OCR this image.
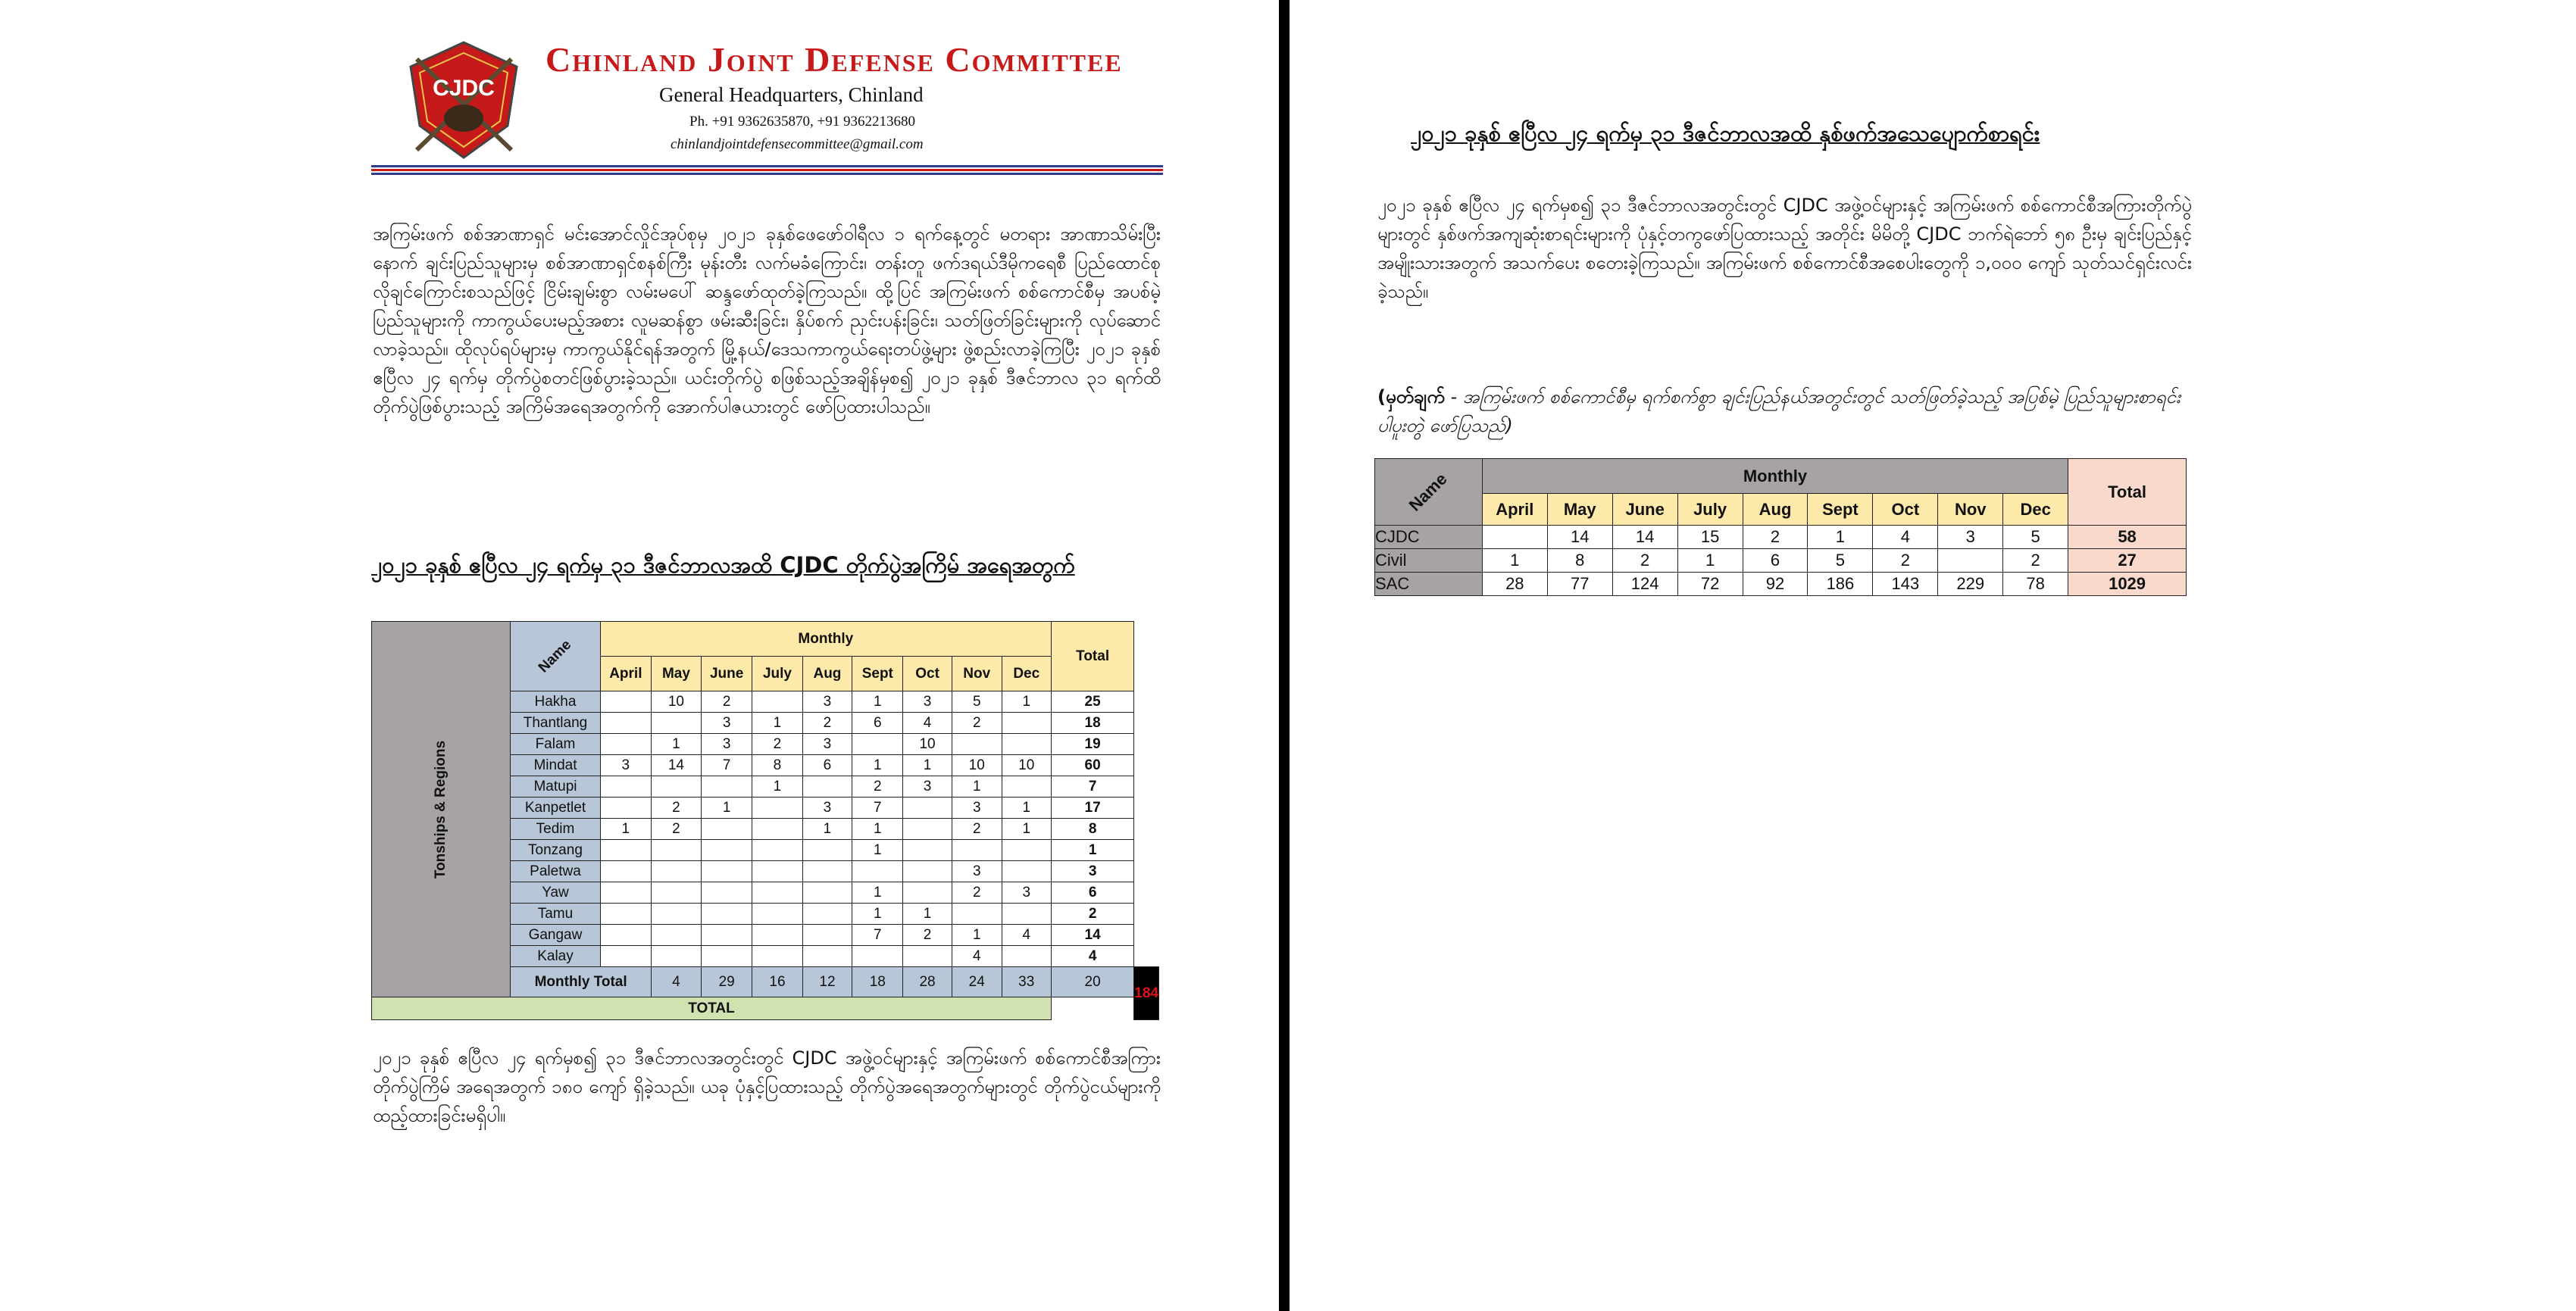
CJDC
Chinland Joint Defense Committee
General Headquarters, Chinland
Ph. +91 9362635870, +91 9362213680
chinlandjointdefensecommittee@gmail.com
အကြမ်းဖက် စစ်အာဏာရှင် မင်းအောင်လှိုင်အုပ်စုမှ ၂၀၂၁ ခုနှစ်ဖေဖော်ဝါရီလ ၁ ရက်နေ့တွင် မတရား အာဏာသိမ်းပြီးနောက် ချင်းပြည်သူများမှ စစ်အာဏာရှင်စနစ်ကြီး မုန်းတီး လက်မခံကြောင်း၊ တန်းတူ ဖက်ဒရယ်ဒီမိုကရေစီ ပြည်ထောင်စုလိုချင်ကြောင်းစသည်ဖြင့် ငြိမ်းချမ်းစွာ လမ်းမပေါ် ဆန္ဒဖော်ထုတ်ခဲ့ကြသည်။ ထို့ပြင် အကြမ်းဖက် စစ်ကောင်စီမှ အပစ်မဲ့ ပြည်သူများကို ကာကွယ်ပေးမည့်အစား လူမဆန်စွာ ဖမ်းဆီးခြင်း၊ နှိပ်စက် ညှင်းပန်းခြင်း၊ သတ်ဖြတ်ခြင်းများကို လုပ်ဆောင်လာခဲ့သည်။ ထိုလုပ်ရပ်များမှ ကာကွယ်နိုင်ရန်အတွက် မြို့နယ်/ဒေသကာကွယ်ရေးတပ်ဖွဲ့များ ဖွဲ့စည်းလာခဲ့ကြပြီး ၂၀၂၁ ခုနှစ် ဧပြီလ ၂၄ ရက်မှ တိုက်ပွဲစတင်ဖြစ်ပွားခဲ့သည်။ ယင်းတိုက်ပွဲ စဖြစ်သည့်အချိန်မှစ၍ ၂၀၂၁ ခုနှစ် ဒီဇင်ဘာလ ၃၁ ရက်ထိ တိုက်ပွဲဖြစ်ပွားသည့် အကြိမ်အရေအတွက်ကို အောက်ပါဇယားတွင် ဖော်ပြထားပါသည်။
၂၀၂၁ ခုနှစ် ဧပြီလ ၂၄ ရက်မှ ၃၁ ဒီဇင်ဘာလအထိ CJDC တိုက်ပွဲအကြိမ် အရေအတွက်
Tonships & Regions	Name	Monthly									Total	
		April	May	June	July	Aug	Sept	Oct	Nov	Dec		
	Hakha		10	2		3	1	3	5	1	25	
	Thantlang			3	1	2	6	4	2		18	
	Falam		1	3	2	3		10			19	
	Mindat	3	14	7	8	6	1	1	10	10	60	
	Matupi				1		2	3	1		7	
	Kanpetlet		2	1		3	7		3	1	17	
	Tedim	1	2			1	1		2	1	8	
	Tonzang						1				1	
	Paletwa								3		3	
	Yaw						1		2	3	6	
	Tamu						1	1			2	
	Gangaw						7	2	1	4	14	
	Kalay								4		4	
	Monthly Total		4	29	16	12	18	28	24	33	20	184
TOTAL												
၂၀၂၁ ခုနှစ် ဧပြီလ ၂၄ ရက်မှစ၍ ၃၁ ဒီဇင်ဘာလအတွင်းတွင် CJDC အဖွဲ့ဝင်များနှင့် အကြမ်းဖက် စစ်ကောင်စီအကြား တိုက်ပွဲကြိမ် အရေအတွက် ၁၈၀ ကျော် ရှိခဲ့သည်။ ယခု ပုံနှင့်ပြထားသည့် တိုက်ပွဲအရေအတွက်များတွင် တိုက်ပွဲငယ်များကို ထည့်ထားခြင်းမရှိပါ။
၂၀၂၁ ခုနှစ် ဧပြီလ ၂၄ ရက်မှ ၃၁ ဒီဇင်ဘာလအထိ နှစ်ဖက်အသေပျောက်စာရင်း
၂၀၂၁ ခုနှစ် ဧပြီလ ၂၄ ရက်မှစ၍ ၃၁ ဒီဇင်ဘာလအတွင်းတွင် CJDC အဖွဲ့ဝင်များနှင့် အကြမ်းဖက် စစ်ကောင်စီအကြားတိုက်ပွဲများတွင် နှစ်ဖက်အကျဆုံးစာရင်းများကို ပုံနှင့်တကွဖော်ပြထားသည့် အတိုင်း မိမိတို့ CJDC ဘက်ရဲဘော် ၅၈ ဦးမှ ချင်းပြည်နှင့်အမျိုးသားအတွက် အသက်ပေး စတေးခဲ့ကြသည်။ အကြမ်းဖက် စစ်ကောင်စီအစေပါးတွေကို ၁,၀၀၀ ကျော် သုတ်သင်ရှင်းလင်းခဲ့သည်။
(မှတ်ချက် - အကြမ်းဖက် စစ်ကောင်စီမှ ရက်စက်စွာ ချင်းပြည်နယ်အတွင်းတွင် သတ်ဖြတ်ခဲ့သည့် အပြစ်မဲ့ ပြည်သူများစာရင်းပါပူးတွဲ ဖော်ပြသည်)
Name	Monthly									Total
	April	May	June	July	Aug	Sept	Oct	Nov	Dec	
CJDC		14	14	15	2	1	4	3	5	58
Civil	1	8	2	1	6	5	2		2	27
SAC	28	77	124	72	92	186	143	229	78	1029
